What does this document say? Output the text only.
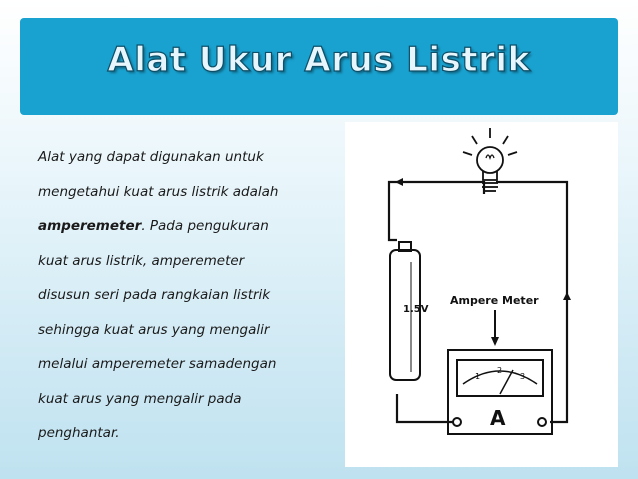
Alat Ukur Arus Listrik
Alat yang dapat digunakan untuk
mengetahui kuat arus listrik adalah
amperemeter. Pada pengukuran
kuat arus listrik, amperemeter
disusun seri pada rangkaian listrik
sehingga kuat arus yang mengalir
melalui amperemeter samadengan
kuat arus yang mengalir pada
penghantar.
1.5V
Ampere Meter
1
2
3
A
